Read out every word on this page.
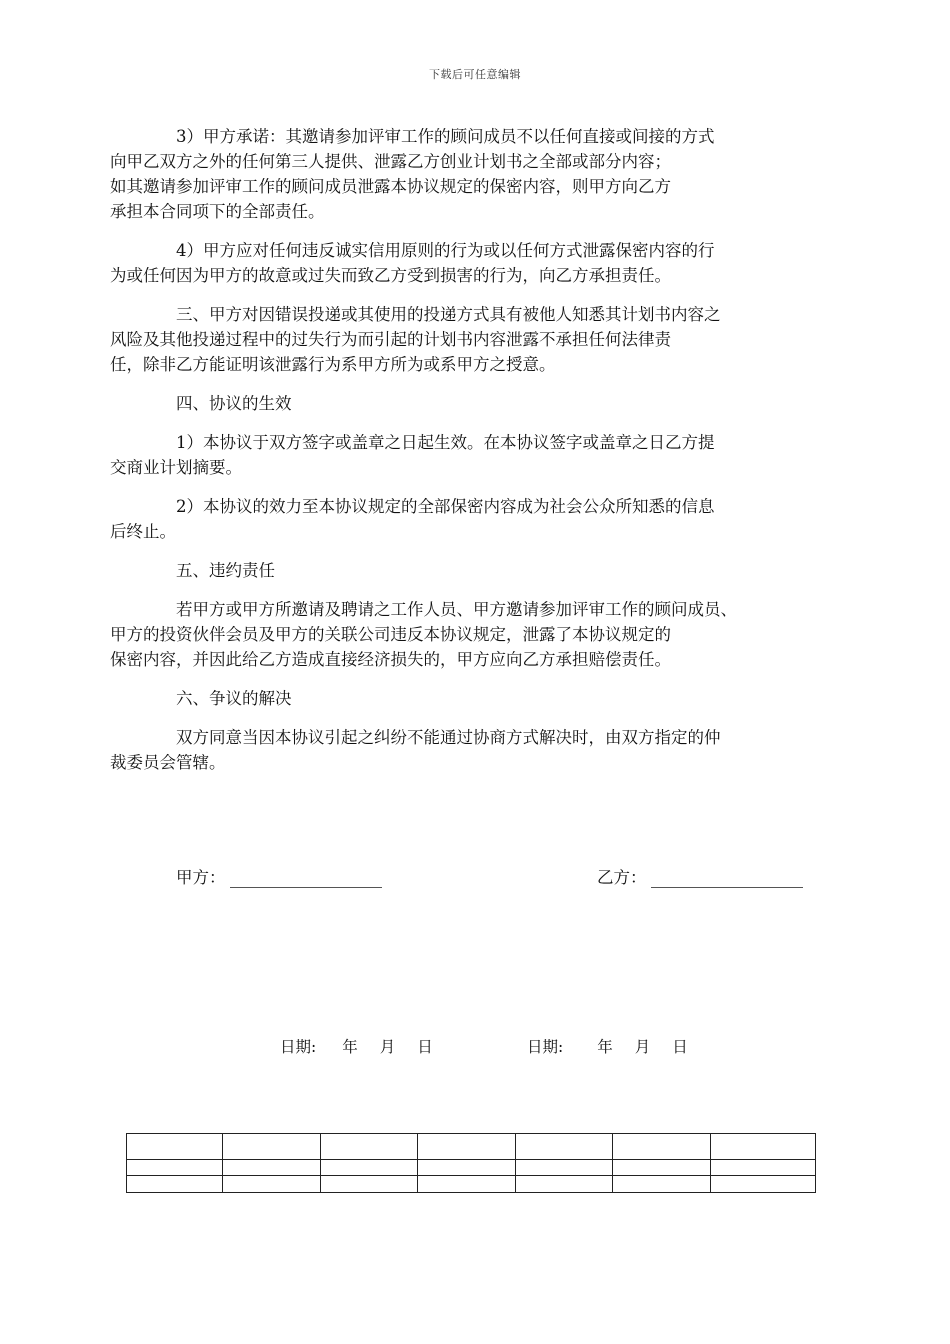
下载后可任意编辑

3）甲方承诺：其邀请参加评审工作的顾问成员不以任何直接或间接的方式
向甲乙双方之外的任何第三人提供、泄露乙方创业计划书之全部或部分内容；
如其邀请参加评审工作的顾问成员泄露本协议规定的保密内容，则甲方向乙方
承担本合同项下的全部责任。

4）甲方应对任何违反诚实信用原则的行为或以任何方式泄露保密内容的行
为或任何因为甲方的故意或过失而致乙方受到损害的行为，向乙方承担责任。

三、甲方对因错误投递或其使用的投递方式具有被他人知悉其计划书内容之
风险及其他投递过程中的过失行为而引起的计划书内容泄露不承担任何法律责
任，除非乙方能证明该泄露行为系甲方所为或系甲方之授意。

四、协议的生效

1）本协议于双方签字或盖章之日起生效。在本协议签字或盖章之日乙方提
交商业计划摘要。

2）本协议的效力至本协议规定的全部保密内容成为社会公众所知悉的信息
后终止。

五、违约责任

若甲方或甲方所邀请及聘请之工作人员、甲方邀请参加评审工作的顾问成员、
甲方的投资伙伴会员及甲方的关联公司违反本协议规定，泄露了本协议规定的
保密内容，并因此给乙方造成直接经济损失的，甲方应向乙方承担赔偿责任。

六、争议的解决

双方同意当因本协议引起之纠纷不能通过协商方式解决时，由双方指定的仲
裁委员会管辖。

甲方：	乙方：
日期: 年 月 日	日期: 年 月 日
